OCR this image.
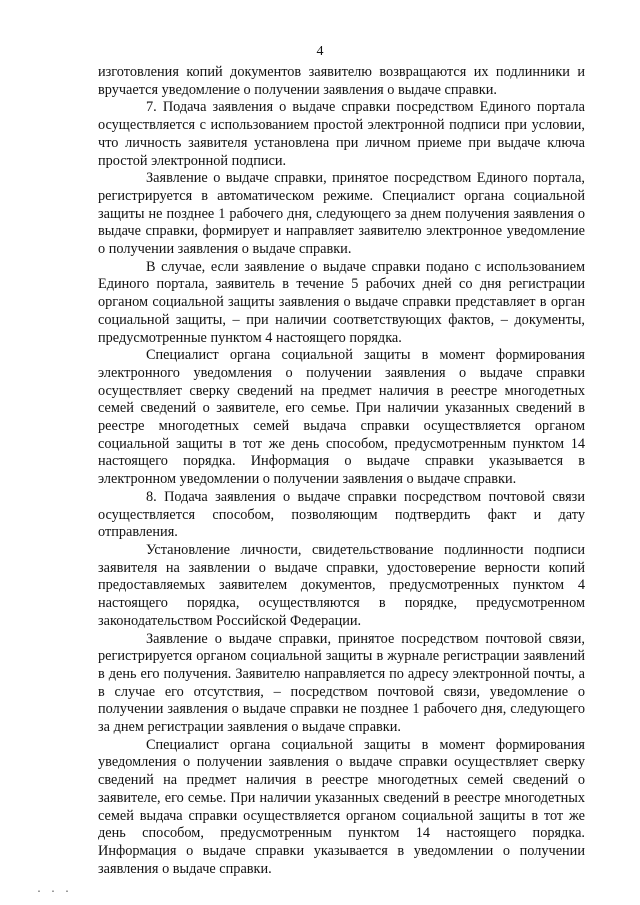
4

изготовления копий документов заявителю возвращаются их подлинники и вручается уведомление о получении заявления о выдаче справки.

7. Подача заявления о выдаче справки посредством Единого портала осуществляется с использованием простой электронной подписи при условии, что личность заявителя установлена при личном приеме при выдаче ключа простой электронной подписи.

Заявление о выдаче справки, принятое посредством Единого портала, регистрируется в автоматическом режиме. Специалист органа социальной защиты не позднее 1 рабочего дня, следующего за днем получения заявления о выдаче справки, формирует и направляет заявителю электронное уведомление о получении заявления о выдаче справки.

В случае, если заявление о выдаче справки подано с использованием Единого портала, заявитель в течение 5 рабочих дней со дня регистрации органом социальной защиты заявления о выдаче справки представляет в орган социальной защиты, – при наличии соответствующих фактов, – документы, предусмотренные пунктом 4 настоящего порядка.

Специалист органа социальной защиты в момент формирования электронного уведомления о получении заявления о выдаче справки осуществляет сверку сведений на предмет наличия в реестре многодетных семей сведений о заявителе, его семье. При наличии указанных сведений в реестре многодетных семей выдача справки осуществляется органом социальной защиты в тот же день способом, предусмотренным пунктом 14 настоящего порядка. Информация о выдаче справки указывается в электронном уведомлении о получении заявления о выдаче справки.

8. Подача заявления о выдаче справки посредством почтовой связи осуществляется способом, позволяющим подтвердить факт и дату отправления.

Установление личности, свидетельствование подлинности подписи заявителя на заявлении о выдаче справки, удостоверение верности копий предоставляемых заявителем документов, предусмотренных пунктом 4 настоящего порядка, осуществляются в порядке, предусмотренном законодательством Российской Федерации.

Заявление о выдаче справки, принятое посредством почтовой связи, регистрируется органом социальной защиты в журнале регистрации заявлений в день его получения. Заявителю направляется по адресу электронной почты, а в случае его отсутствия, – посредством почтовой связи, уведомление о получении заявления о выдаче справки не позднее 1 рабочего дня, следующего за днем регистрации заявления о выдаче справки.

Специалист органа социальной защиты в момент формирования уведомления о получении заявления о выдаче справки осуществляет сверку сведений на предмет наличия в реестре многодетных семей сведений о заявителе, его семье. При наличии указанных сведений в реестре многодетных семей выдача справки осуществляется органом социальной защиты в тот же день способом, предусмотренным пунктом 14 настоящего порядка. Информация о выдаче справки указывается в уведомлении о получении заявления о выдаче справки.

· · ·
